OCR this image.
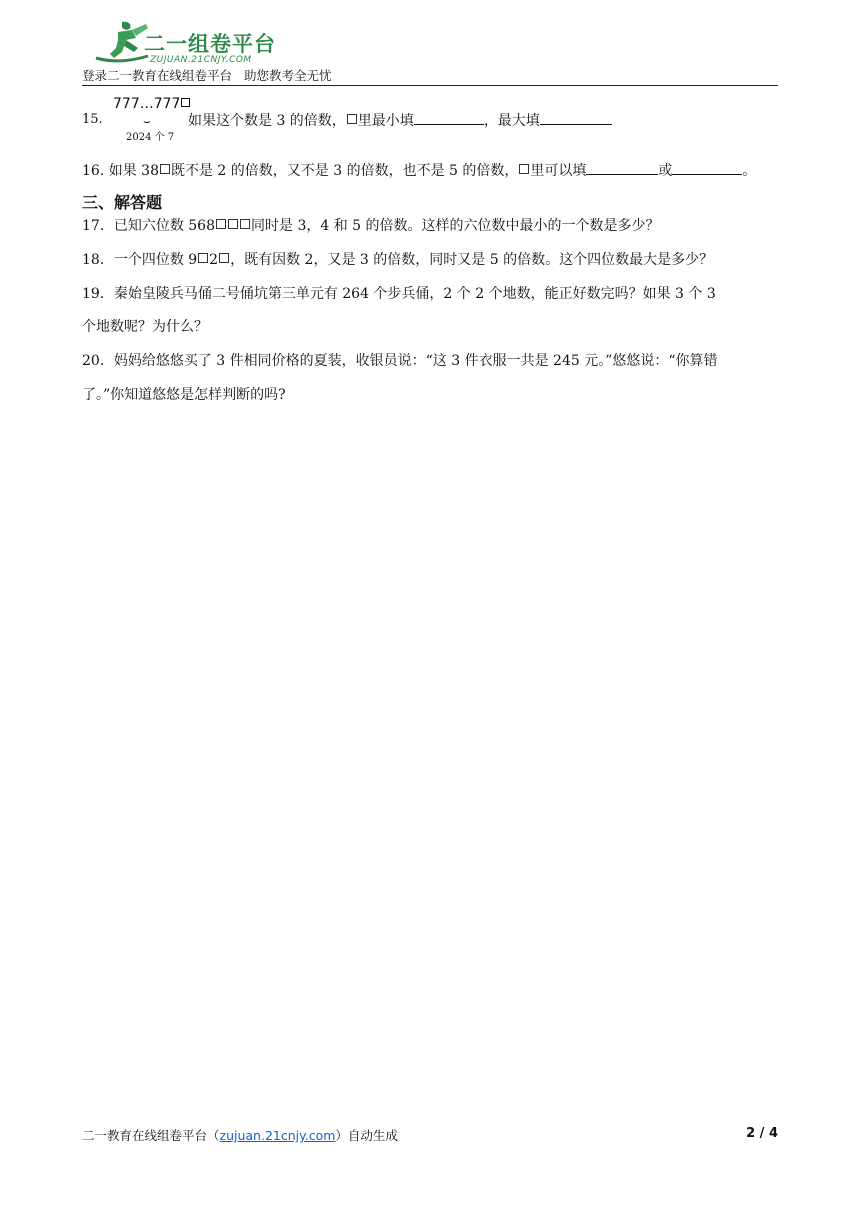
二一组卷平台
ZUJUAN.21CNJY.COM
登录二一教育在线组卷平台 助您教考全无忧
15.
777…777
⌣
2024 个 7
如果这个数是 3 的倍数， 里最小填	，最大填
16. 如果 38 既不是 2 的倍数，又不是 3 的倍数，也不是 5 的倍数， 里可以填	或	。
三、解答题
17．已知六位数 568	同时是 3，4 和 5 的倍数。这样的六位数中最小的一个数是多少？
18．一个四位数 9 2 ，既有因数 2，又是 3 的倍数，同时又是 5 的倍数。这个四位数最大是多少？
19．秦始皇陵兵马俑二号俑坑第三单元有 264 个步兵俑，2 个 2 个地数，能正好数完吗？如果 3 个 3
个地数呢？为什么？
20．妈妈给悠悠买了 3 件相同价格的夏装，收银员说：“这 3 件衣服一共是 245 元。”悠悠说：“你算错
了。”你知道悠悠是怎样判断的吗?
二一教育在线组卷平台（zujuan.21cnjy.com）自动生成	2 / 4
